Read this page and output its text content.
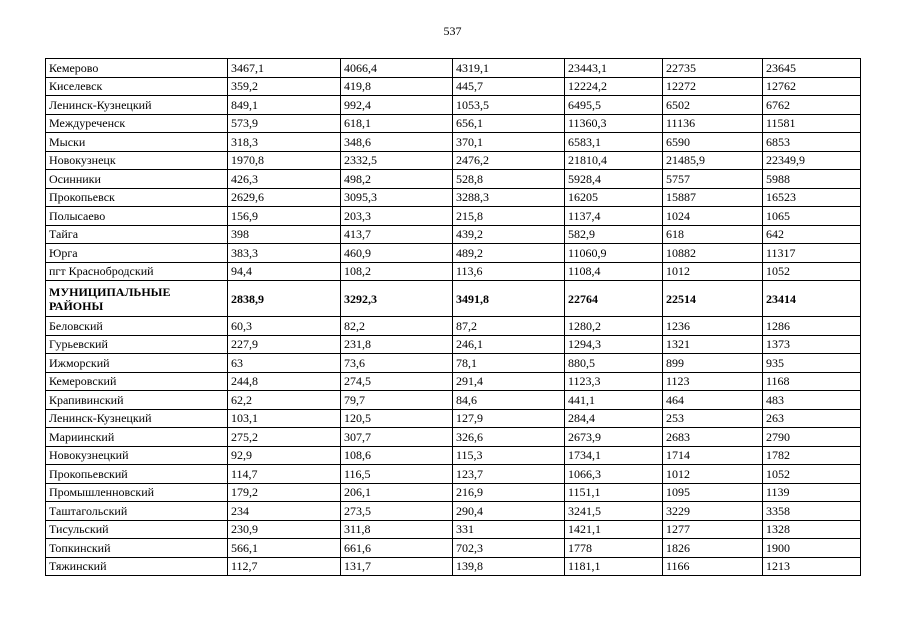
537
Кемерово	3467,1	4066,4	4319,1	23443,1	22735	23645
Киселевск	359,2	419,8	445,7	12224,2	12272	12762
Ленинск-Кузнецкий	849,1	992,4	1053,5	6495,5	6502	6762
Междуреченск	573,9	618,1	656,1	11360,3	11136	11581
Мыски	318,3	348,6	370,1	6583,1	6590	6853
Новокузнецк	1970,8	2332,5	2476,2	21810,4	21485,9	22349,9
Осинники	426,3	498,2	528,8	5928,4	5757	5988
Прокопьевск	2629,6	3095,3	3288,3	16205	15887	16523
Полысаево	156,9	203,3	215,8	1137,4	1024	1065
Тайга	398	413,7	439,2	582,9	618	642
Юрга	383,3	460,9	489,2	11060,9	10882	11317
пгт Краснобродский	94,4	108,2	113,6	1108,4	1012	1052
МУНИЦИПАЛЬНЫЕ РАЙОНЫ	2838,9	3292,3	3491,8	22764	22514	23414
Беловский	60,3	82,2	87,2	1280,2	1236	1286
Гурьевский	227,9	231,8	246,1	1294,3	1321	1373
Ижморский	63	73,6	78,1	880,5	899	935
Кемеровский	244,8	274,5	291,4	1123,3	1123	1168
Крапивинский	62,2	79,7	84,6	441,1	464	483
Ленинск-Кузнецкий	103,1	120,5	127,9	284,4	253	263
Мариинский	275,2	307,7	326,6	2673,9	2683	2790
Новокузнецкий	92,9	108,6	115,3	1734,1	1714	1782
Прокопьевский	114,7	116,5	123,7	1066,3	1012	1052
Промышленновский	179,2	206,1	216,9	1151,1	1095	1139
Таштагольский	234	273,5	290,4	3241,5	3229	3358
Тисульский	230,9	311,8	331	1421,1	1277	1328
Топкинский	566,1	661,6	702,3	1778	1826	1900
Тяжинский	112,7	131,7	139,8	1181,1	1166	1213
